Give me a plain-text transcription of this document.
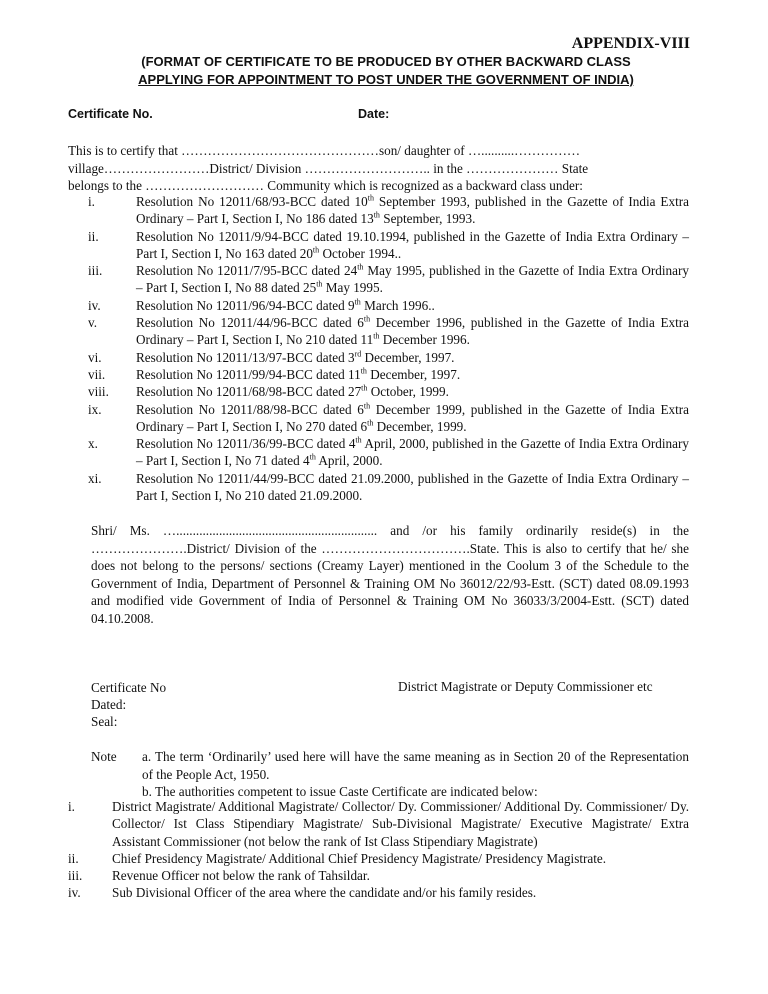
APPENDIX-VIII
(FORMAT OF CERTIFICATE TO BE PRODUCED BY OTHER BACKWARD CLASS
APPLYING FOR APPOINTMENT TO POST UNDER THE GOVERNMENT OF INDIA)
Certificate No.	Date:
This is to certify that ………………………………………son/ daughter of …..........……………
village……………………District/ Division ……………………….. in the ………………… State
belongs to the ……………………… Community which is recognized as a backward class under:
i.	Resolution No 12011/68/93-BCC dated 10th September 1993, published in the Gazette of India Extra Ordinary – Part I, Section I, No 186 dated 13th September, 1993.
ii.	Resolution No 12011/9/94-BCC dated 19.10.1994, published in the Gazette of India Extra Ordinary – Part I, Section I, No 163 dated 20th October 1994..
iii.	Resolution No 12011/7/95-BCC dated 24th May 1995, published in the Gazette of India Extra Ordinary – Part I, Section I, No 88 dated 25th May 1995.
iv.	Resolution No 12011/96/94-BCC dated 9th March 1996..
v.	Resolution No 12011/44/96-BCC dated 6th December 1996, published in the Gazette of India Extra Ordinary – Part I, Section I, No 210 dated 11th December 1996.
vi.	Resolution No 12011/13/97-BCC dated 3rd December, 1997.
vii.	Resolution No 12011/99/94-BCC dated 11th December, 1997.
viii.	Resolution No 12011/68/98-BCC dated 27th October, 1999.
ix.	Resolution No 12011/88/98-BCC dated 6th December 1999, published in the Gazette of India Extra Ordinary – Part I, Section I, No 270 dated 6th December, 1999.
x.	Resolution No 12011/36/99-BCC dated 4th April, 2000, published in the Gazette of India Extra Ordinary – Part I, Section I, No 71 dated 4th April, 2000.
xi.	Resolution No 12011/44/99-BCC dated 21.09.2000, published in the Gazette of India Extra Ordinary – Part I, Section I, No 210 dated 21.09.2000.
Shri/ Ms. …............................................................. and /or his family ordinarily reside(s) in the ………………….District/ Division of the …………………………….State. This is also to certify that he/ she does not belong to the persons/ sections (Creamy Layer) mentioned in the Coolum 3 of the Schedule to the Government of India, Department of Personnel & Training OM No 36012/22/93-Estt. (SCT) dated 08.09.1993 and modified vide Government of India of Personnel & Training OM No 36033/3/2004-Estt. (SCT) dated 04.10.2008.
Certificate No
Dated:
Seal:
District Magistrate or Deputy Commissioner etc
Note	a. The term ‘Ordinarily’ used here will have the same meaning as in Section 20 of the Representation of the People Act, 1950.
b. The authorities competent to issue Caste Certificate are indicated below:
i.	District Magistrate/ Additional Magistrate/ Collector/ Dy. Commissioner/ Additional Dy. Commissioner/ Dy. Collector/ Ist Class Stipendiary Magistrate/ Sub-Divisional Magistrate/ Executive Magistrate/ Extra Assistant Commissioner (not below the rank of Ist Class Stipendiary Magistrate)
ii.	Chief Presidency Magistrate/ Additional Chief Presidency Magistrate/ Presidency Magistrate.
iii.	Revenue Officer not below the rank of Tahsildar.
iv.	Sub Divisional Officer of the area where the candidate and/or his family resides.
